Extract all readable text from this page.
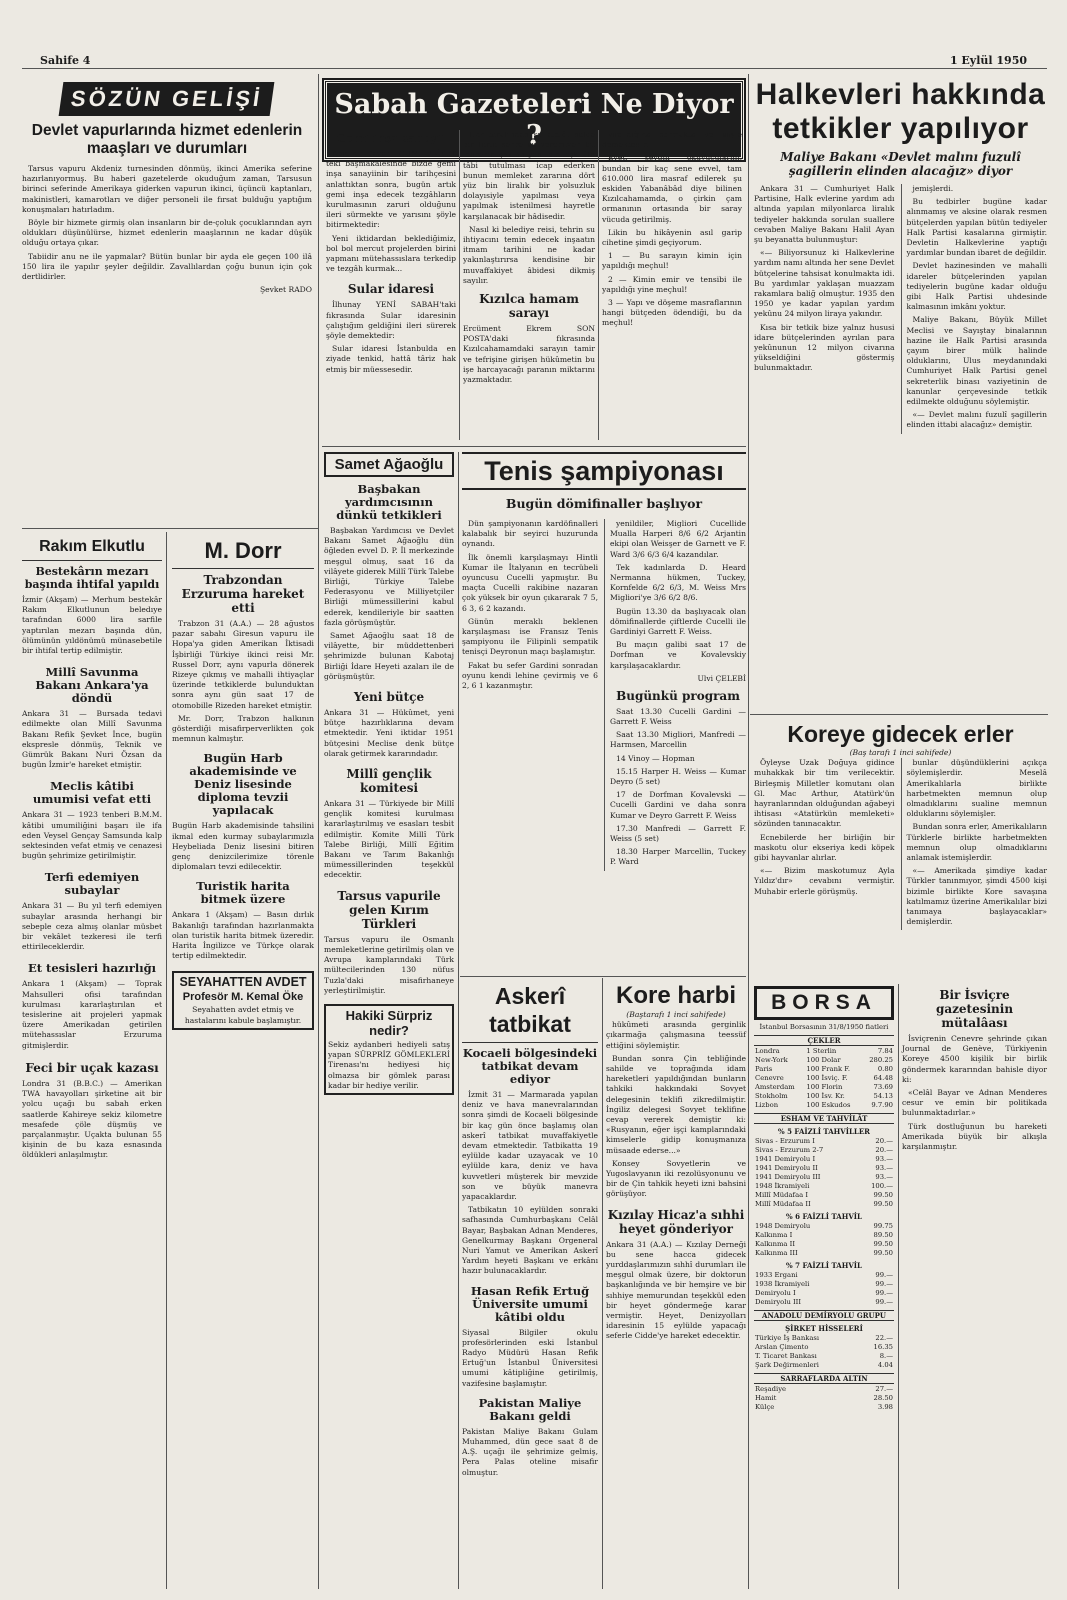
Sahife 4	1 Eylül 1950
SÖZÜN GELİŞİ
Devlet vapurlarında hizmet edenlerin maaşları ve durumları

Tarsus vapuru Akdeniz turnesinden dönmüş, ikinci Amerika seferine hazırlanıyormuş. Bu haberi gazetelerde okuduğum zaman, Tarsusun birinci seferinde Amerikaya giderken vapurun ikinci, üçüncü kaptanları, makinistleri, kamarotları ve diğer personeli ile fırsat bulduğu yaptığım konuşmaları hatırladım.

Böyle bir hizmete girmiş olan insanların bir de-çoluk çocuklarından ayrı oldukları düşünülürse, hizmet edenlerin maaşlarının ne kadar düşük olduğu ortaya çıkar.

Tabiidir anu ne ile yapmalar? Bütün bunlar bir ayda ele geçen 100 ilâ 150 lira ile yapılır şeyler değildir. Zavallılardan çoğu bunun için çok dertlidirler.

Şevket RADO
Rakım Elkutlu
Bestekârın mezarı başında ihtifal yapıldı
İzmir (Akşam) — Merhum bestekâr Rakım Elkutlunun beledıye tarafından 6000 lira sarfile yaptırılan mezarı başında dün, ölümünün yıldönümü münasebetile bir ihtifal tertip edilmiştir.
Millî Savunma Bakanı Ankara'ya döndü
Ankara 31 — Bursada tedavi edilmekte olan Millî Savunma Bakanı Refik Şevket İnce, bugün ekspresle dönmüş, Teknik ve Gümrük Bakanı Nuri Özsan da bugün İzmir'e hareket etmiştir.
Meclis kâtibi umumisi vefat etti
Ankara 31 — 1923 tenberi B.M.M. kâtibi umumiliğini başarı ile ifa eden Veysel Gençay Samsunda kalp sektesinden vefat etmiş ve cenazesi bugün şehrimize getirilmiştir.
Terfi edemiyen subaylar
Ankara 31 — Bu yıl terfi edemiyen subaylar arasında herhangi bir sebeple ceza almış olanlar müsbet bir vekâlet tezkeresi ile terfi ettirileceklerdir.
Et tesisleri hazırlığı
Ankara 1 (Akşam) — Toprak Mahsulleri ofisi tarafından kurulması kararlaştırılan et tesislerine ait projeleri yapmak üzere Amerikadan getirilen mütehassıslar Erzuruma gitmişlerdir.
Feci bir uçak kazası
Londra 31 (B.B.C.) — Amerikan TWA havayolları şirketine ait bir yolcu uçağı bu sabah erken saatlerde Kahireye sekiz kilometre mesafede çöle düşmüş ve parçalanmıştır. Uçakta bulunan 55 kişinin de bu kaza esnasında öldükleri anlaşılmıştır.
M. Dorr
Trabzondan Erzuruma hareket etti

Trabzon 31 (A.A.) — 28 ağustos pazar sabahı Giresun vapuru ile Hopa'ya giden Amerikan İktisadi İşbirliği Türkiye ikinci reisi Mr. Russel Dorr, aynı vapurla dönerek Rizeye çıkmış ve mahalli ihtiyaçlar üzerinde tetkiklerde bulunduktan sonra aynı gün saat 17 de otomobille Rizeden hareket etmiştir.

Mr. Dorr, Trabzon halkının gösterdiği misafirperverlikten çok memnun kalmıştır.

Bugün Harb akademisinde ve Deniz lisesinde diploma tevzii yapılacak
Bugün Harb akademisinde tahsilini ikmal eden kurmay subaylarımızla Heybeliada Deniz lisesini bitiren genç denizcilerimize törenle diplomaları tevzi edilecektir.
Turistik harita bitmek üzere
Ankara 1 (Akşam) — Basın dırlık Bakanlığı tarafından hazırlanmakta olan turistik harita bitmek üzeredir. Harita İngilizce ve Türkçe olarak tertip edilmektedir.
SEYAHATTEN AVDET
Profesör M. Kemal Öke
Seyahatten avdet etmiş ve hastalarını kabule başlamıştır.
Sabah Gazeteleri Ne Diyor ?
Gemi inşa sanayii

Abidin Daver CUMHURİYET teki başmakalesinde bizde gemi inşa sanayiinin bir tarihçesini anlattıktan sonra, bugün artık gemi inşa edecek tezgâhların kurulmasının zaruri olduğunu ileri sürmekte ve yarısını şöyle bitirmektedir:

Yeni iktidardan beklediğimiz, bol bol mercut projelerden birini yapmanı mütehassıslara terkedip ve tezgâh kurmak...

Sular idaresi

İlhunay YENİ SABAH'taki fıkrasında Sular idaresinin çalıştığım geldiğini ileri sürerek şöyle demektedir:

Sular idaresi İstanbulda en ziyade tenkid, hattâ târiz hak etmiş bir müessesedir.

Her tarafından su aldığı halde bir türlü şehre su veremiyen bu idarenin çoktan yeni bir teşkilâta tâbi tutulması icap ederken bunun memleket zararına dört yüz bin liralık bir yolsuzluk dolayısiyle yapılması veya yapılmak istenilmesi hayretle karşılanacak bir hâdisedir.

Nasıl ki belediye reisi, tehrin su ihtiyacını temin edecek inşaatın itmam tarihini ne kadar yakınlaştırırsa kendisine bir muvaffakiyet âbidesi dikmiş sayılır.

Kızılca hamam sarayı
Ercüment Ekrem SON POSTA'daki fıkrasında Kızılcahamamdaki sarayın tamir ve tefrişine girişen hükûmetin bu işe harcayacağı paranın miktarını yazmaktadır.

yapıldığına sormakta ve şöyle demektedir:

Evet, sevgili okuyucularım, bundan bir kaç sene evvel, tam 610.000 lira masraf edilerek şu eskiden Yabanâbâd diye bilinen Kızılcahamamda, o çirkin çam ormanının ortasında bir saray vücuda getirilmiş.

Likin bu hikâyenin asıl garip cihetine şimdi geçiyorum.

1 — Bu sarayın kimin için yapıldığı meçhul!

2 — Kimin emir ve tensibi ile yapıldığı yine meçhul!

3 — Yapı ve döşeme masraflarının hangi bütçeden ödendiği, bu da meçhul!

Samet Ağaoğlu
Başbakan yardımcısının dünkü tetkikleri

Başbakan Yardımcısı ve Devlet Bakanı Samet Ağaoğlu dün öğleden evvel D. P. İl merkezinde meşgul olmuş, saat 16 da vilâyete giderek Millî Türk Talebe Birliği, Türkiye Talebe Federasyonu ve Milliyetçiler Birliği mümessillerini kabul ederek, kendileriyle bir saatten fazla görüşmüştür.

Samet Ağaoğlu saat 18 de vilâyette, bir müddettenberi şehrimizde bulunan Kabotaj Birliği İdare Heyeti azaları ile de görüşmüştür.

Yeni bütçe
Ankara 31 — Hükûmet, yeni bütçe hazırlıklarına devam etmektedir. Yeni iktidar 1951 bütçesini Meclise denk bütçe olarak getirmek kararındadır.
Millî gençlik komitesi
Ankara 31 — Türkiyede bir Millî gençlik komitesi kurulması kararlaştırılmış ve esasları tesbit edilmiştir. Komite Millî Türk Talebe Birliği, Millî Eğitim Bakanı ve Tarım Bakanlığı mümessillerinden teşekkül edecektir.
Tarsus vapurile gelen Kırım Türkleri
Tarsus vapuru ile Osmanlı memleketlerine getirilmiş olan ve Avrupa kamplarındaki Türk mültecilerinden 130 nüfus Tuzla'daki misafirhaneye yerleştirilmiştir.
Hakiki Sürpriz nedir?
Sekiz aydanberi hediyeli satış yapan SÜRPRİZ GÖMLEKLERİ Tirenası'nı hediyesi hiç olmazsa bir gömlek parası kadar bir hediye verilir.
Tenis şampiyonası
Bugün dömifinaller başlıyor

Dün şampiyonanın kardöfinalleri kalabalık bir seyirci huzurunda oynandı.

İlk önemli karşılaşmayı Hintli Kumar ile İtalyanın en tecrübeli oyuncusu Cucelli yapmıştır. Bu maçta Cucelli rakibine nazaran çok yüksek bir oyun çıkararak 7 5, 6 3, 6 2 kazandı.

Günün meraklı beklenen karşılaşması ise Fransız Tenis şampiyonu ile Filipinli sempatik tenisçi Deyronun maçı başlamıştır.

Fakat bu sefer Gardini sonradan oyunu kendi lehine çevirmiş ve 6 2, 6 1 kazanmıştır.

yenildiler, Migliori Cucellide Mualla Harperi 8/6 6/2 Arjantin ekipi olan Weisşer de Garnett ve F. Ward 3/6 6/3 6/4 kazandılar.

Tek kadınlarda D. Heard Nermanna hükmen, Tuckey, Kornfelde 6/2 6/3, M. Weiss Mrs Migliori'ye 3/6 6/2 8/6.

Bugün 13.30 da başlıyacak olan dömifinallerde çiftlerde Cucelli ile Gardiniyi Garrett F. Weiss.

Bu maçın galibi saat 17 de Dorfman ve Kovalevskiy karşılaşacaklardır.

Ulvi ÇELEBİ
Bugünkü program

Saat 13.30 Cucelli Gardini — Garrett F. Weiss

Saat 13.30 Migliori, Manfredi — Harmsen, Marcellin

14 Vinoy — Hopman

15.15 Harper H. Weiss — Kumar Deyro (5 set)

17 de Dorfman Kovalevski — Cucelli Gardini ve daha sonra Kumar ve Deyro Garrett F. Weiss

17.30 Manfredi — Garrett F. Weiss (5 set)

18.30 Harper Marcellin, Tuckey P. Ward

Askerî tatbikat
Kocaeli bölgesindeki tatbikat devam ediyor

İzmit 31 — Marmarada yapılan deniz ve hava manevralarından sonra şimdi de Kocaeli bölgesinde bir kaç gün önce başlamış olan askerî tatbikat muvaffakiyetle devam etmektedir. Tatbikatta 19 eylülde kadar uzayacak ve 10 eylülde kara, deniz ve hava kuvvetleri müşterek bir mevzide son ve büyük manevra yapacaklardır.

Tatbikatın 10 eylülden sonraki safhasında Cumhurbaşkanı Celâl Bayar, Başbakan Adnan Menderes, Genelkurmay Başkanı Orgeneral Nuri Yamut ve Amerikan Askerî Yardım heyeti Başkanı ve erkânı hazır bulunacaklardır.

Hasan Refik Ertuğ Üniversite umumi kâtibi oldu
Siyasal Bilgiler okulu profesörlerinden eski İstanbul Radyo Müdürü Hasan Refik Ertuğ'un İstanbul Üniversitesi umumi kâtipliğine getirilmiş, vazifesine başlamıştır.
Pakistan Maliye Bakanı geldi
Pakistan Maliye Bakanı Gulam Muhammed, dün gece saat 8 de A.Ş. uçağı ile şehrimize gelmiş, Pera Palas oteline misafir olmuştur.
Kore harbi
(Baştarafı 1 inci sahifede)

hükûmeti arasında gerginlik çıkarmağa çalışmasına teessüf ettiğini söylemiştir.

Bundan sonra Çin tebliğinde sahilde ve toprağında idam hareketleri yapıldığından bunların tahkiki hakkındaki Sovyet delegesinin teklifi zikredilmiştir. İngiliz delegesi Sovyet teklifine cevap vererek demiştir ki: «Rusyanın, eğer işçi kamplarındaki kimselerle gidip konuşmanıza müsaade ederse...»

Konsey Sovyetlerin ve Yugoslavyanın iki rezolüsyonunu ve bir de Çin tahkik heyeti izni bahsini görüşüyor.

Kızılay Hicaz'a sıhhi heyet gönderiyor
Ankara 31 (A.A.) — Kızılay Derneği bu sene hacca gidecek yurddaşlarımızın sıhhî durumları ile meşgul olmak üzere, bir doktorun başkanlığında ve bir hemşire ve bir sıhhiye memurundan teşekkül eden bir heyet göndermeğe karar vermiştir. Heyet, Denizyolları idaresinin 15 eylülde yapacağı seferle Cidde'ye hareket edecektir.
Halkevleri hakkında tetkikler yapılıyor
Maliye Bakanı «Devlet malını fuzulî şagillerin elinden alacağız» diyor

Ankara 31 — Cumhuriyet Halk Partisine, Halk evlerine yardım adı altında yapılan milyonlarca liralık tediyeler hakkında sorulan suallere cevaben Maliye Bakanı Halil Ayan şu beyanatta bulunmuştur:

«— Biliyorsunuz ki Halkevlerine yardım namı altında her sene Devlet bütçelerine tahsisat konulmakta idi. Bu yardımlar yaklaşan muazzam rakamlara baliğ olmuştur. 1935 den 1950 ye kadar yapılan yardım yekûnu 24 milyon liraya yakındır.

Kısa bir tetkik bize yalnız hususi idare bütçelerinden ayrılan para yekûnunun 12 milyon civarına yükseldiğini göstermiş bulunmaktadır.

jemişlerdi.

Bu tedbirler bugüne kadar alınmamış ve aksine olarak resmen bütçelerden yapılan bütün tediyeler Halk Partisi kasalarına girmiştir. Devletin Halkevlerine yaptığı yardımlar bundan ibaret de değildir.

Devlet hazinesinden ve mahalli idareler bütçelerinden yapılan tediyelerin bugüne kadar olduğu gibi Halk Partisi uhdesinde kalmasının imkânı yoktur.

Maliye Bakanı, Büyük Millet Meclisi ve Sayıştay binalarının hazine ile Halk Partisi arasında çayım birer mülk halinde olduklarını, Ulus meydanındaki Cumhuriyet Halk Partisi genel sekreterlik binası vaziyetinin de kanunlar çerçevesinde tetkik edilmekte olduğunu söylemiştir.

«— Devlet malını fuzulî şagillerin elinden ittabi alacağız» demiştir.

Koreye gidecek erler
(Baş tarafı 1 inci sahifede)

Öyleyse Uzak Doğuya gidince muhakkak bir tim verilecektir. Birleşmiş Milletler komutanı olan Gl. Mac Arthur, Atatürk'ün hayranlarından olduğundan ağabeyi ihtisası «Atatürkün memleketi» sözünden tanınacaktır.

Ecnebilerde her birliğin bir maskotu olur ekseriya kedi köpek gibi hayvanlar alırlar.

«— Bizim maskotumuz Ayla Yıldız'dır» cevabını vermiştir. Muhabir erlerle görüşmüş.

bunlar düşündüklerini açıkça söylemişlerdir. Meselâ Amerikalılarla birlikte harbetmekten memnun olup olmadıklarını sualine memnun olduklarını söylemişler.

Bundan sonra erler, Amerikalıların Türklerle birlikte harbetmekten memnun olup olmadıklarını anlamak istemişlerdir.

«— Amerikada şimdiye kadar Türkler tanınmıyor, şimdi 4500 kişi bizimle birlikte Kore savaşına katılmamız üzerine Amerikalılar bizi tanımaya başlayacaklar» demişlerdir.

BORSA
İstanbul Borsasının 31/8/1950 fiatleri
ÇEKLER
Londra	1 Sterlin	7.84
New-York	100 Dolar	280.25
Paris	100 Frank F.	0.80
Cenevre	100 İsviç. F.	64.48
Amsterdam	100 Florin	73.69
Stokholm	100 İsv. Kr.	54.13
Lizbon	100 Eskudos	9.7.90
ESHAM VE TAHVİLÂT
% 5 FAİZLİ TAHVİLLER
Sivas - Erzurum I	20.—
Sivas - Erzurum 2-7	20.—
1941 Demiryolu I	93.—
1941 Demiryolu II	93.—
1941 Demiryolu III	93.—
1948 İkramiyeli	100.—
Millî Müdafaa I	99.50
Millî Müdafaa II	99.50
% 6 FAİZLİ TAHVİL
1948 Demiryolu	99.75
Kalkınma I	89.50
Kalkınma II	99.50
Kalkınma III	99.50
% 7 FAİZLİ TAHVİL
1933 Ergani	99.—
1938 İkramiyeli	99.—
Demiryolu I	99.—
Demiryolu III	99.—
ANADOLU DEMİRYOLU GRUPU
ŞİRKET HİSSELERİ
Türkiye İş Bankası	22.—
Arslan Çimento	16.35
T. Ticaret Bankası	8.—
Şark Değirmenleri	4.04
SARRAFLARDA ALTIN
Reşadiye	27.—
Hamit	28.50
Külçe	3.98
Bir İsviçre gazetesinin mütalâası

İsviçrenin Cenevre şehrinde çıkan Journal de Genève, Türkiyenin Koreye 4500 kişilik bir birlik göndermek kararından bahisle diyor ki:

«Celâl Bayar ve Adnan Menderes cesur ve emin bir politikada bulunmaktadırlar.»

Türk dostluğunun bu hareketi Amerikada büyük bir alkışla karşılanmıştır.
